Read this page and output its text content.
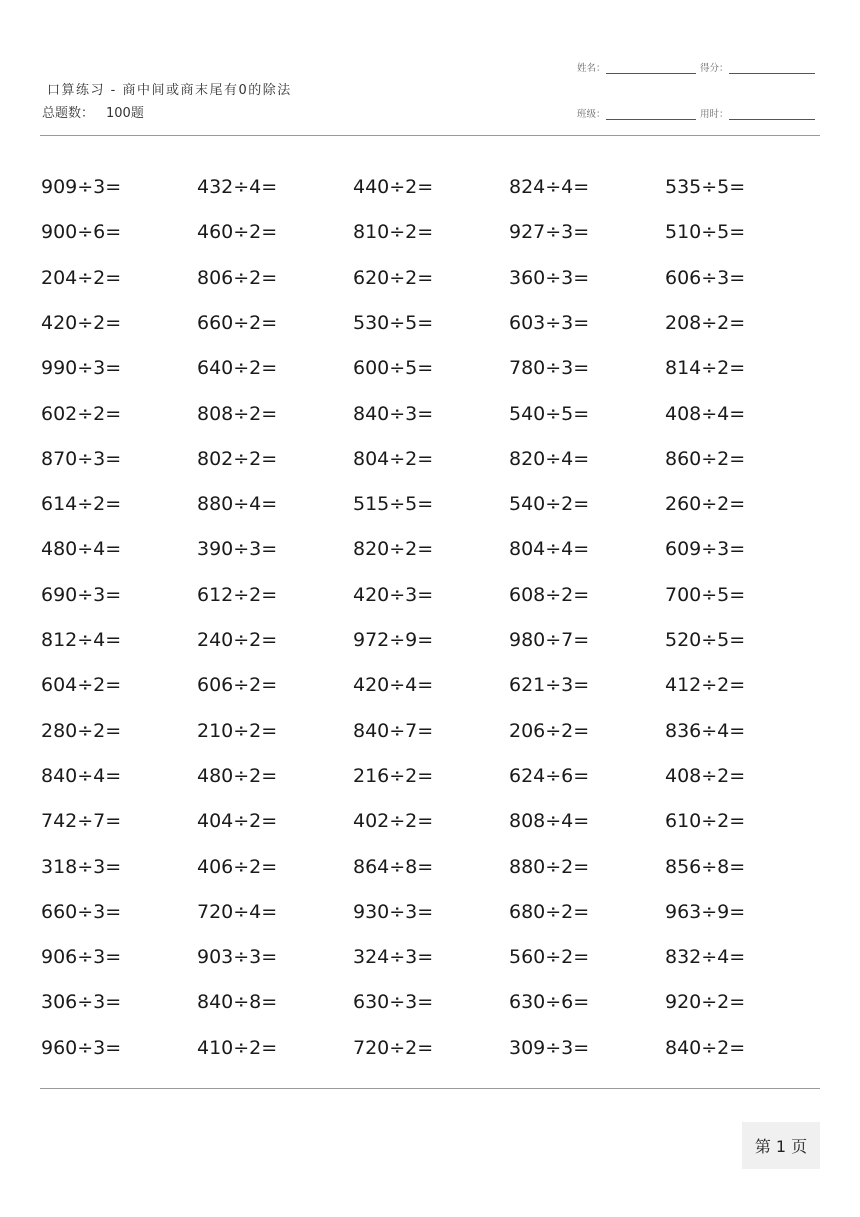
口算练习 - 商中间或商末尾有0的除法
总题数： 100题
姓名：	得分：
班级：	用时：
909÷3=	432÷4=	440÷2=	824÷4=	535÷5=
900÷6=	460÷2=	810÷2=	927÷3=	510÷5=
204÷2=	806÷2=	620÷2=	360÷3=	606÷3=
420÷2=	660÷2=	530÷5=	603÷3=	208÷2=
990÷3=	640÷2=	600÷5=	780÷3=	814÷2=
602÷2=	808÷2=	840÷3=	540÷5=	408÷4=
870÷3=	802÷2=	804÷2=	820÷4=	860÷2=
614÷2=	880÷4=	515÷5=	540÷2=	260÷2=
480÷4=	390÷3=	820÷2=	804÷4=	609÷3=
690÷3=	612÷2=	420÷3=	608÷2=	700÷5=
812÷4=	240÷2=	972÷9=	980÷7=	520÷5=
604÷2=	606÷2=	420÷4=	621÷3=	412÷2=
280÷2=	210÷2=	840÷7=	206÷2=	836÷4=
840÷4=	480÷2=	216÷2=	624÷6=	408÷2=
742÷7=	404÷2=	402÷2=	808÷4=	610÷2=
318÷3=	406÷2=	864÷8=	880÷2=	856÷8=
660÷3=	720÷4=	930÷3=	680÷2=	963÷9=
906÷3=	903÷3=	324÷3=	560÷2=	832÷4=
306÷3=	840÷8=	630÷3=	630÷6=	920÷2=
960÷3=	410÷2=	720÷2=	309÷3=	840÷2=
第 1 页
